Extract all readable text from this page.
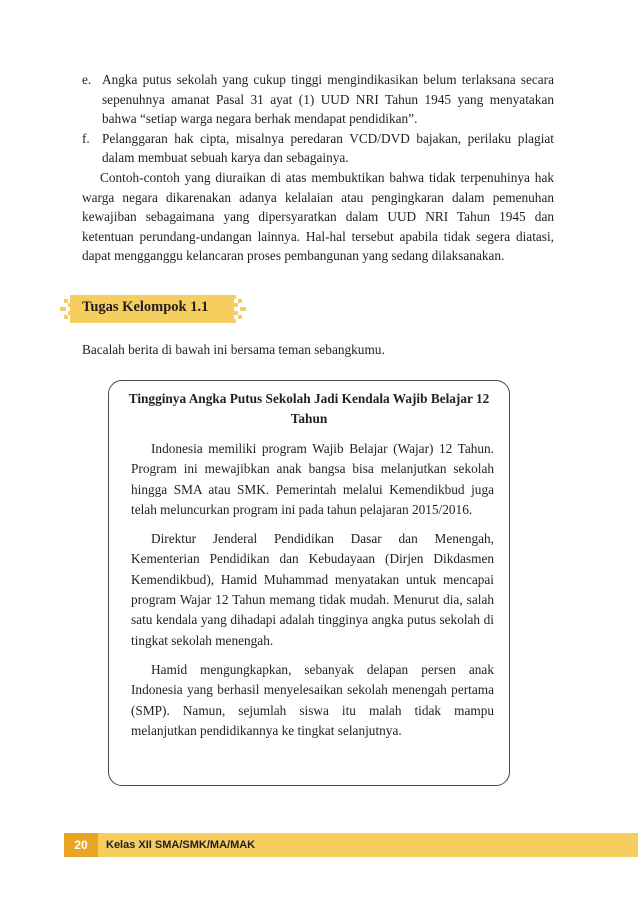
e. Angka putus sekolah yang cukup tinggi mengindikasikan belum terlaksana secara sepenuhnya amanat Pasal 31 ayat (1) UUD NRI Tahun 1945 yang menyatakan bahwa “setiap warga negara berhak mendapat pendidikan”.
f. Pelanggaran hak cipta, misalnya peredaran VCD/DVD bajakan, perilaku plagiat dalam membuat sebuah karya dan sebagainya.
Contoh-contoh yang diuraikan di atas membuktikan bahwa tidak terpenuhinya hak warga negara dikarenakan adanya kelalaian atau pengingkaran dalam pemenuhan kewajiban sebagaimana yang dipersyaratkan dalam UUD NRI Tahun 1945 dan ketentuan perundang-undangan lainnya. Hal-hal tersebut apabila tidak segera diatasi, dapat mengganggu kelancaran proses pembangunan yang sedang dilaksanakan.
Tugas Kelompok 1.1
Bacalah berita di bawah ini bersama teman sebangkumu.
Tingginya Angka Putus Sekolah Jadi Kendala Wajib Belajar 12 Tahun

Indonesia memiliki program Wajib Belajar (Wajar) 12 Tahun. Program ini mewajibkan anak bangsa bisa melanjutkan sekolah hingga SMA atau SMK. Pemerintah melalui Kemendikbud juga telah meluncurkan program ini pada tahun pelajaran 2015/2016.

Direktur Jenderal Pendidikan Dasar dan Menengah, Kementerian Pendidikan dan Kebudayaan (Dirjen Dikdasmen Kemendikbud), Hamid Muhammad menyatakan untuk mencapai program Wajar 12 Tahun memang tidak mudah. Menurut dia, salah satu kendala yang dihadapi adalah tingginya angka putus sekolah di tingkat sekolah menengah.

Hamid mengungkapkan, sebanyak delapan persen anak Indonesia yang berhasil menyelesaikan sekolah menengah pertama (SMP). Namun, sejumlah siswa itu malah tidak mampu melanjutkan pendidikannya ke tingkat selanjutnya.

20	Kelas XII SMA/SMK/MA/MAK
